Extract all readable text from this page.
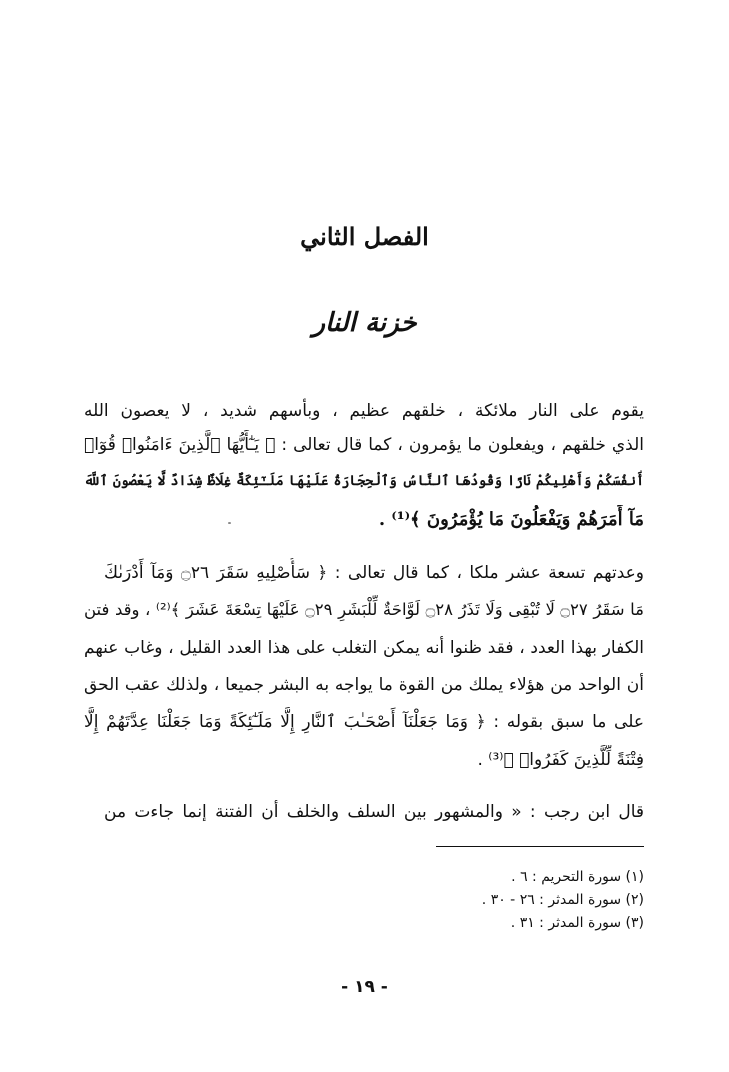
الفصل الثاني
خزنة النار
يقوم على النار ملائكة ، خلقهم عظيم ، وبأسهم شديد ، لا يعصون الله
الذي خلقهم ، ويفعلون ما يؤمرون ، كما قال تعالى : ﴿ يَـٰٓأَيُّهَا ٱلَّذِينَ ءَامَنُوا۟ قُوٓا۟
أَنفُسَكُمْ وَأَهْلِيكُمْ نَارًا وَقُودُهَا ٱلنَّاسُ وَٱلْحِجَارَةُ عَلَيْهَا مَلَـٰٓئِكَةٌ غِلَاظٌ شِدَادٌ لَّا يَعْصُونَ ٱللَّهَ
مَآ أَمَرَهُمْ وَيَفْعَلُونَ مَا يُؤْمَرُونَ ﴾⁽¹⁾ .
وعدتهم تسعة عشر ملكا ، كما قال تعالى : ﴿ سَأُصْلِيهِ سَقَرَ ۝٢٦ وَمَآ أَدْرَىٰكَ
مَا سَقَرُ ۝٢٧ لَا تُبْقِى وَلَا تَذَرُ ۝٢٨ لَوَّاحَةٌ لِّلْبَشَرِ ۝٢٩ عَلَيْهَا تِسْعَةَ عَشَرَ ﴾⁽²⁾ ، وقد فتن
الكفار بهذا العدد ، فقد ظنوا أنه يمكن التغلب على هذا العدد القليل ، وغاب عنهم
أن الواحد من هؤلاء يملك من القوة ما يواجه به البشر جميعا ، ولذلك عقب الحق
على ما سبق بقوله : ﴿ وَمَا جَعَلْنَآ أَصْحَـٰبَ ٱلنَّارِ إِلَّا مَلَـٰٓئِكَةً وَمَا جَعَلْنَا عِدَّتَهُمْ إِلَّا
فِتْنَةً لِّلَّذِينَ كَفَرُوا۟ ﴾⁽³⁾ .
قال ابن رجب : « والمشهور بين السلف والخلف أن الفتنة إنما جاءت من
(١) سورة التحريم : ٦ .
(٢) سورة المدثر : ٢٦ - ٣٠ .
(٣) سورة المدثر : ٣١ .
- ١٩ -
